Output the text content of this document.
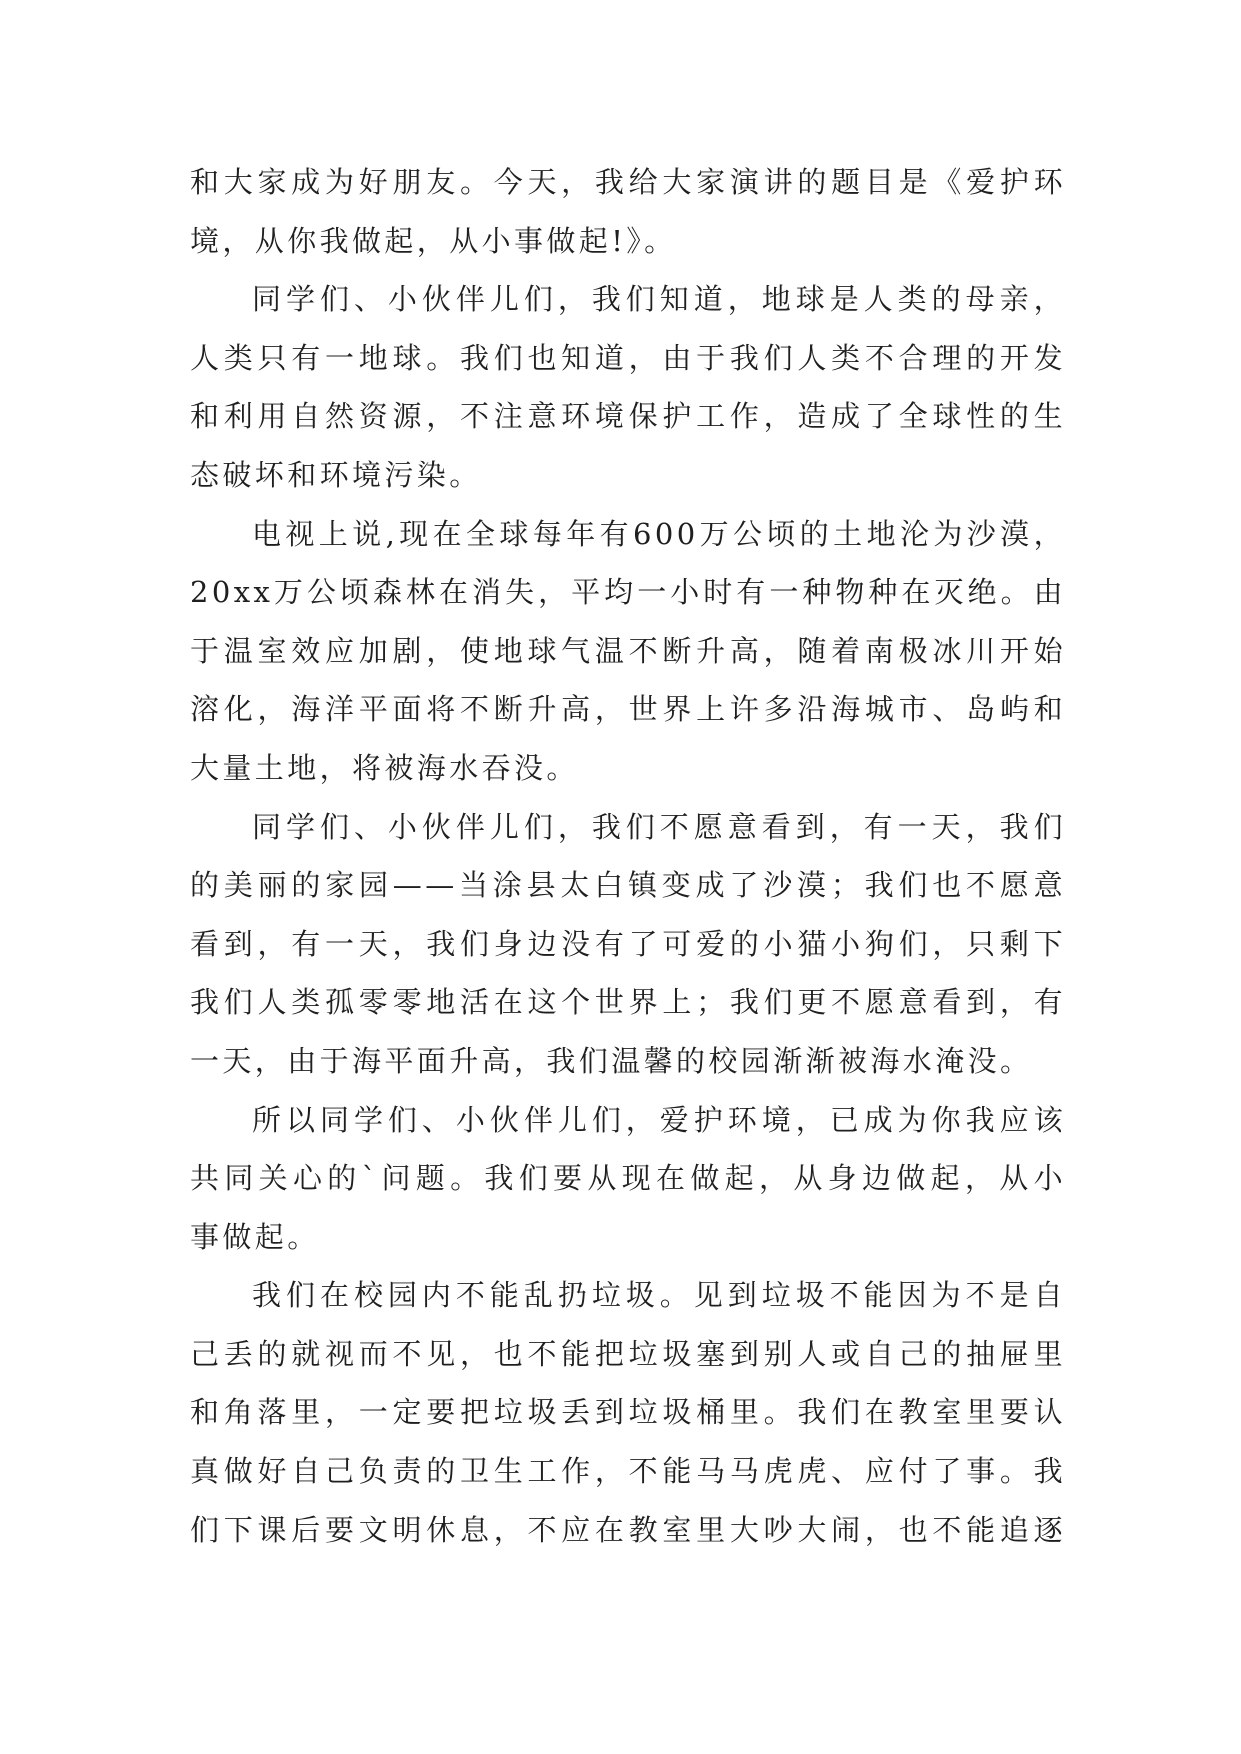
和大家成为好朋友。今天，我给大家演讲的题目是《爱护环
境，从你我做起，从小事做起!》。

同学们、小伙伴儿们，我们知道，地球是人类的母亲，
人类只有一地球。我们也知道，由于我们人类不合理的开发
和利用自然资源，不注意环境保护工作，造成了全球性的生
态破坏和环境污染。

电视上说,现在全球每年有600万公顷的土地沦为沙漠，
20xx万公顷森林在消失，平均一小时有一种物种在灭绝。由
于温室效应加剧，使地球气温不断升高，随着南极冰川开始
溶化，海洋平面将不断升高，世界上许多沿海城市、岛屿和
大量土地，将被海水吞没。

同学们、小伙伴儿们，我们不愿意看到，有一天，我们
的美丽的家园——当涂县太白镇变成了沙漠；我们也不愿意
看到，有一天，我们身边没有了可爱的小猫小狗们，只剩下
我们人类孤零零地活在这个世界上；我们更不愿意看到，有
一天，由于海平面升高，我们温馨的校园渐渐被海水淹没。

所以同学们、小伙伴儿们，爱护环境，已成为你我应该
共同关心的`问题。我们要从现在做起，从身边做起，从小
事做起。

我们在校园内不能乱扔垃圾。见到垃圾不能因为不是自
己丢的就视而不见，也不能把垃圾塞到别人或自己的抽屉里
和角落里，一定要把垃圾丢到垃圾桶里。我们在教室里要认
真做好自己负责的卫生工作，不能马马虎虎、应付了事。我
们下课后要文明休息，不应在教室里大吵大闹，也不能追逐
